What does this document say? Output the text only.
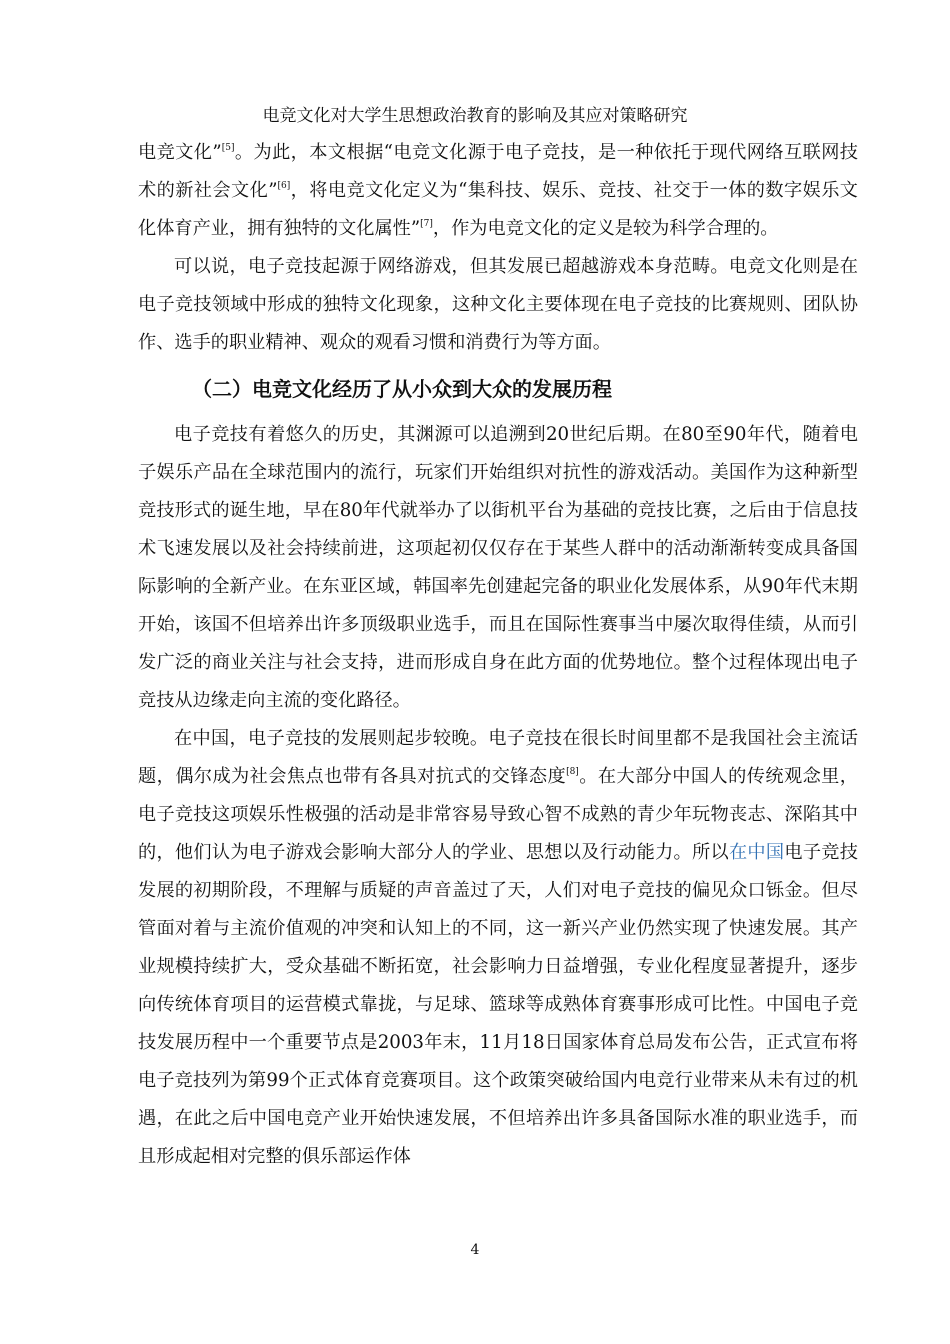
电竞文化对大学生思想政治教育的影响及其应对策略研究

电竞文化”[5]。为此，本文根据“电竞文化源于电子竞技，是一种依托于现代网络互联网技术的新社会文化”[6]，将电竞文化定义为“集科技、娱乐、竞技、社交于一体的数字娱乐文化体育产业，拥有独特的文化属性”[7]，作为电竞文化的定义是较为科学合理的。

可以说，电子竞技起源于网络游戏，但其发展已超越游戏本身范畴。电竞文化则是在电子竞技领域中形成的独特文化现象，这种文化主要体现在电子竞技的比赛规则、团队协作、选手的职业精神、观众的观看习惯和消费行为等方面。

（二）电竞文化经历了从小众到大众的发展历程

电子竞技有着悠久的历史，其渊源可以追溯到20世纪后期。在80至90年代，随着电子娱乐产品在全球范围内的流行，玩家们开始组织对抗性的游戏活动。美国作为这种新型竞技形式的诞生地，早在80年代就举办了以街机平台为基础的竞技比赛，之后由于信息技术飞速发展以及社会持续前进，这项起初仅仅存在于某些人群中的活动渐渐转变成具备国际影响的全新产业。在东亚区域，韩国率先创建起完备的职业化发展体系，从90年代末期开始，该国不但培养出许多顶级职业选手，而且在国际性赛事当中屡次取得佳绩，从而引发广泛的商业关注与社会支持，进而形成自身在此方面的优势地位。整个过程体现出电子竞技从边缘走向主流的变化路径。

在中国，电子竞技的发展则起步较晚。电子竞技在很长时间里都不是我国社会主流话题，偶尔成为社会焦点也带有各具对抗式的交锋态度[8]。在大部分中国人的传统观念里，电子竞技这项娱乐性极强的活动是非常容易导致心智不成熟的青少年玩物丧志、深陷其中的，他们认为电子游戏会影响大部分人的学业、思想以及行动能力。所以在中国电子竞技发展的初期阶段，不理解与质疑的声音盖过了天，人们对电子竞技的偏见众口铄金。但尽管面对着与主流价值观的冲突和认知上的不同，这一新兴产业仍然实现了快速发展。其产业规模持续扩大，受众基础不断拓宽，社会影响力日益增强，专业化程度显著提升，逐步向传统体育项目的运营模式靠拢，与足球、篮球等成熟体育赛事形成可比性。中国电子竞技发展历程中一个重要节点是2003年末，11月18日国家体育总局发布公告，正式宣布将电子竞技列为第99个正式体育竞赛项目。这个政策突破给国内电竞行业带来从未有过的机遇，在此之后中国电竞产业开始快速发展，不但培养出许多具备国际水准的职业选手，而且形成起相对完整的俱乐部运作体

4
